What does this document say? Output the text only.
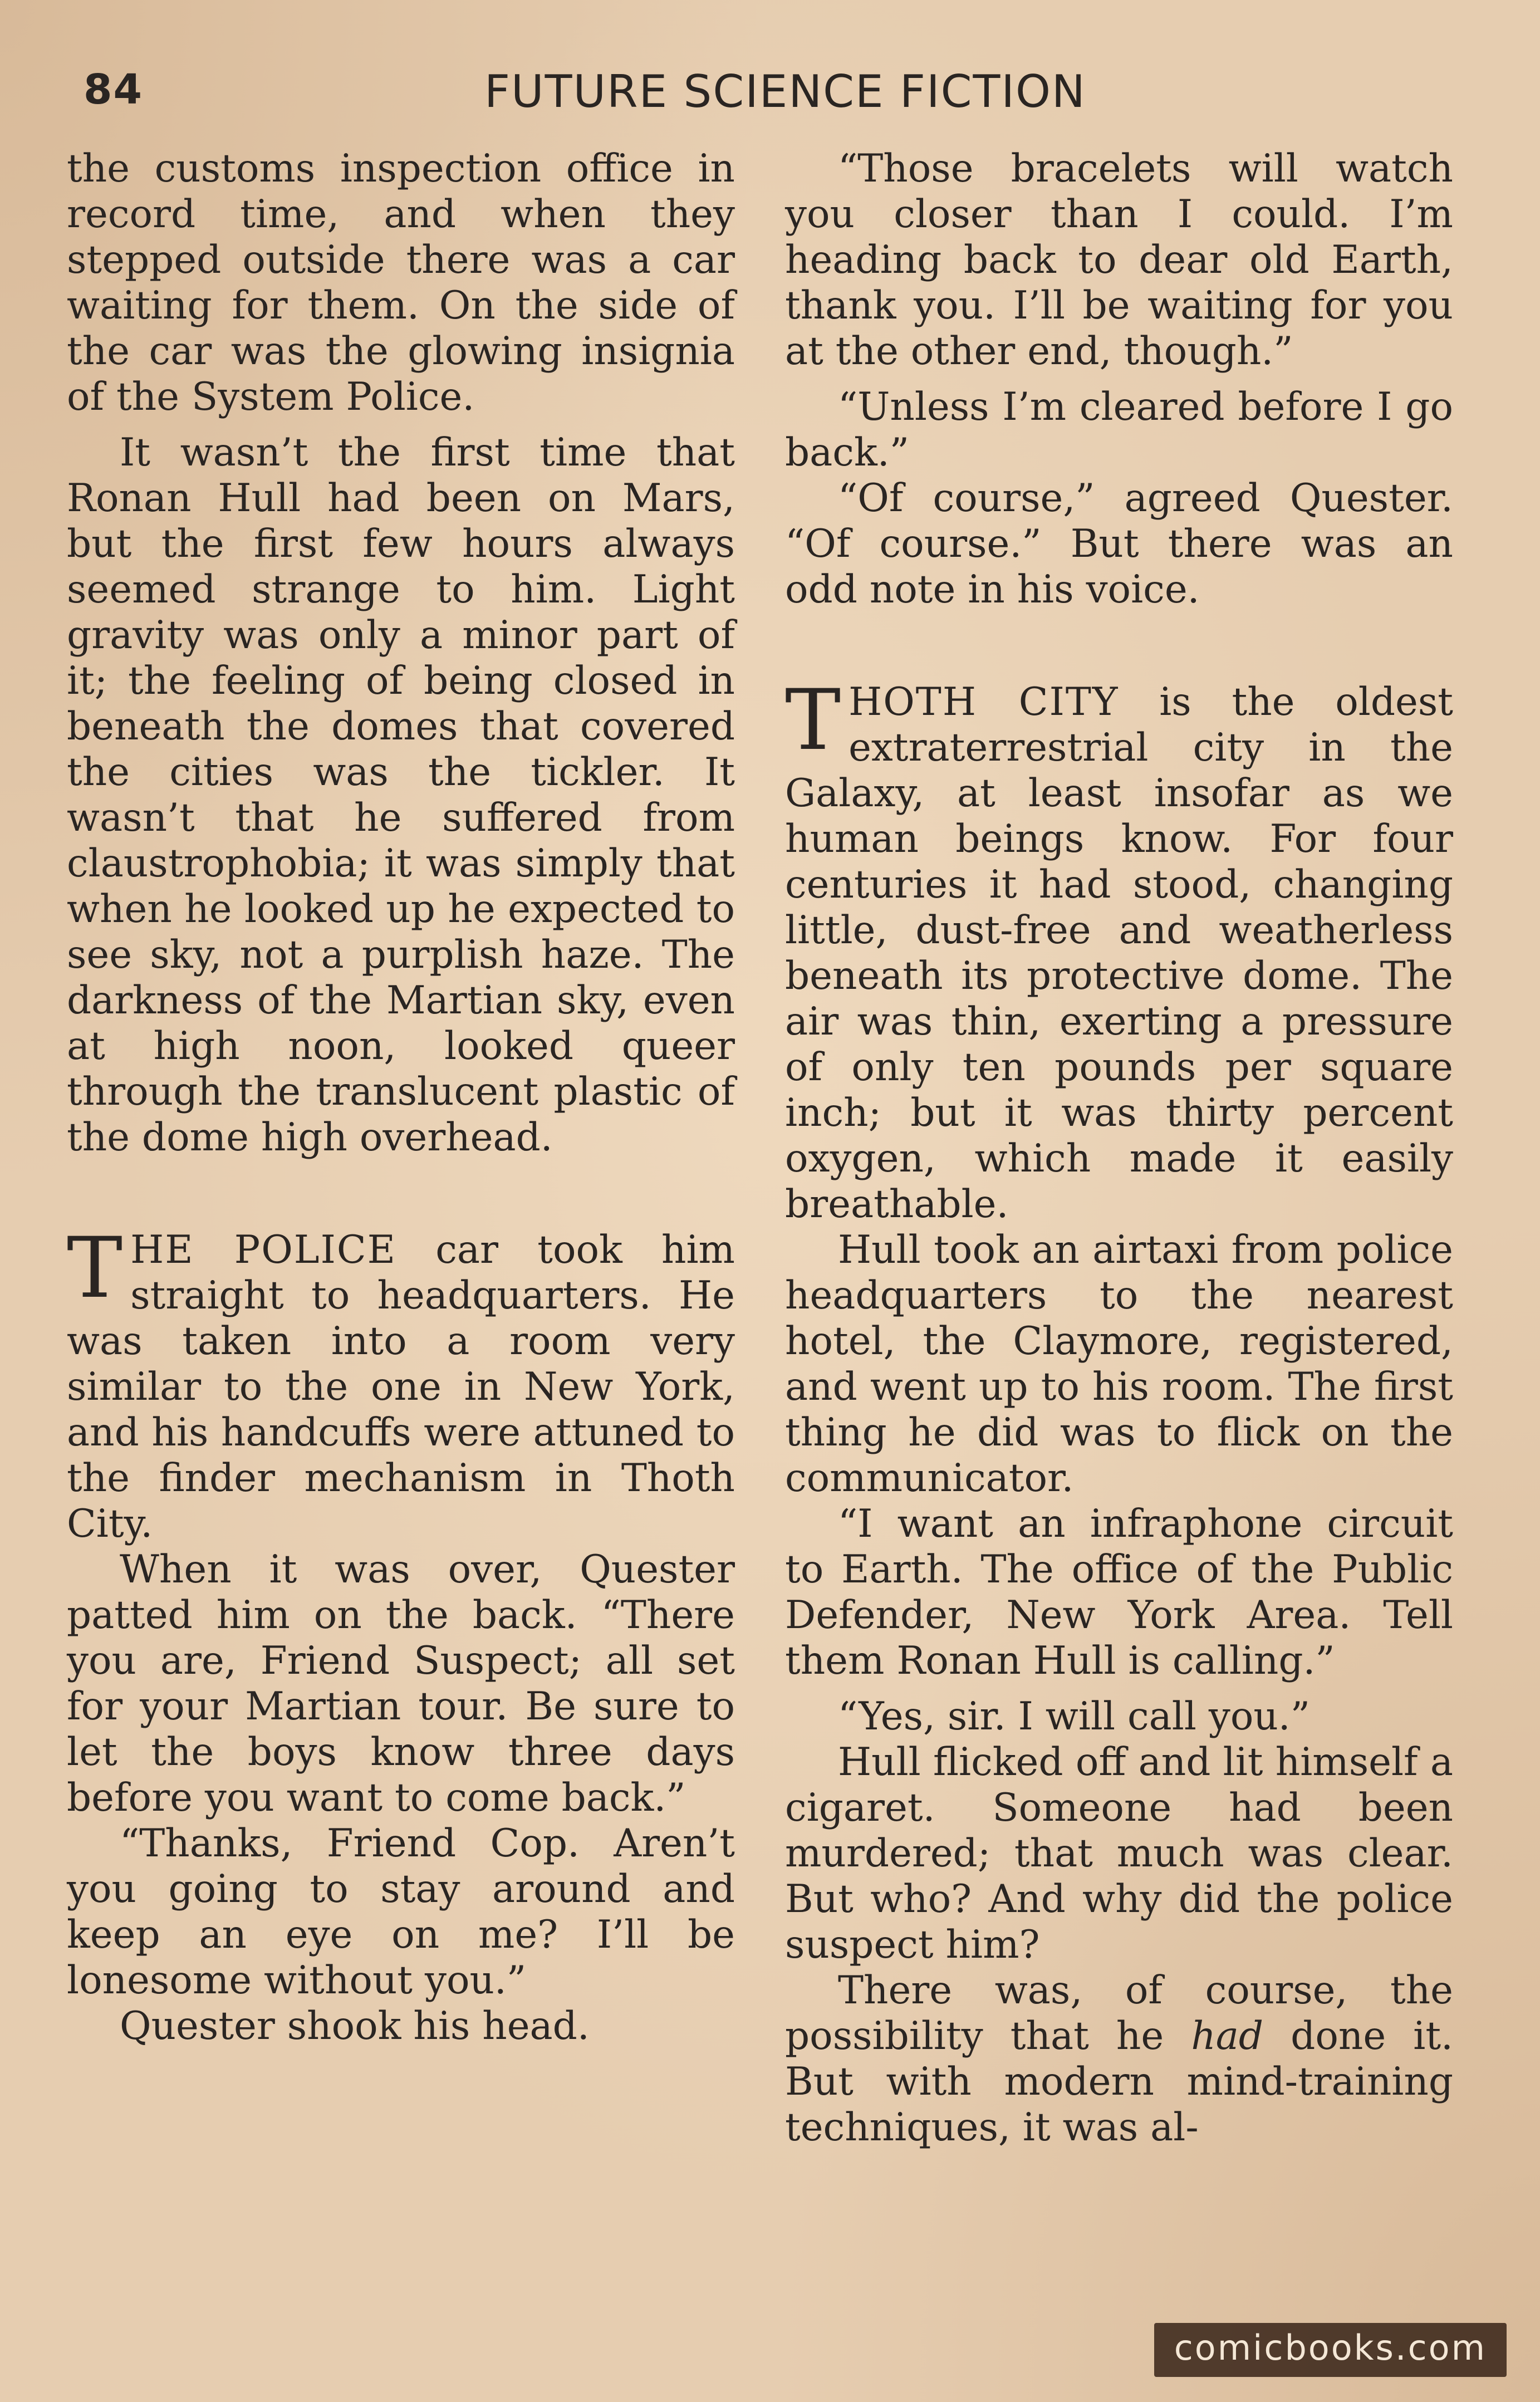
84	FUTURE SCIENCE FICTION

the customs inspection office in record time, and when they stepped outside there was a car waiting for them. On the side of the car was the glowing insignia of the System Police.

It wasn’t the first time that Ronan Hull had been on Mars, but the first few hours always seemed strange to him. Light gravity was only a minor part of it; the feeling of being closed in beneath the domes that covered the cities was the tickler. It wasn’t that he suffered from claustrophobia; it was simply that when he looked up he expected to see sky, not a purplish haze. The darkness of the Martian sky, even at high noon, looked queer through the translucent plastic of the dome high overhead.

THE POLICE car took him straight to headquarters. He was taken into a room very similar to the one in New York, and his handcuffs were attuned to the finder mechanism in Thoth City.

When it was over, Quester patted him on the back. “There you are, Friend Suspect; all set for your Martian tour. Be sure to let the boys know three days before you want to come back.”

“Thanks, Friend Cop. Aren’t you going to stay around and keep an eye on me? I’ll be lonesome without you.”

Quester shook his head.

“Those bracelets will watch you closer than I could. I’m heading back to dear old Earth, thank you. I’ll be waiting for you at the other end, though.”

“Unless I’m cleared before I go back.”

“Of course,” agreed Quester. “Of course.” But there was an odd note in his voice.

THOTH CITY is the oldest extraterrestrial city in the Galaxy, at least insofar as we human beings know. For four centuries it had stood, changing little, dust-free and weatherless beneath its protective dome. The air was thin, exerting a pressure of only ten pounds per square inch; but it was thirty percent oxygen, which made it easily breathable.

Hull took an airtaxi from police headquarters to the nearest hotel, the Claymore, registered, and went up to his room. The first thing he did was to flick on the communicator.

“I want an infraphone circuit to Earth. The office of the Public Defender, New York Area. Tell them Ronan Hull is calling.”

“Yes, sir. I will call you.”

Hull flicked off and lit himself a cigaret. Someone had been murdered; that much was clear. But who? And why did the police suspect him?

There was, of course, the possibility that he had done it. But with modern mind-training techniques, it was al-

comicbooks.com
